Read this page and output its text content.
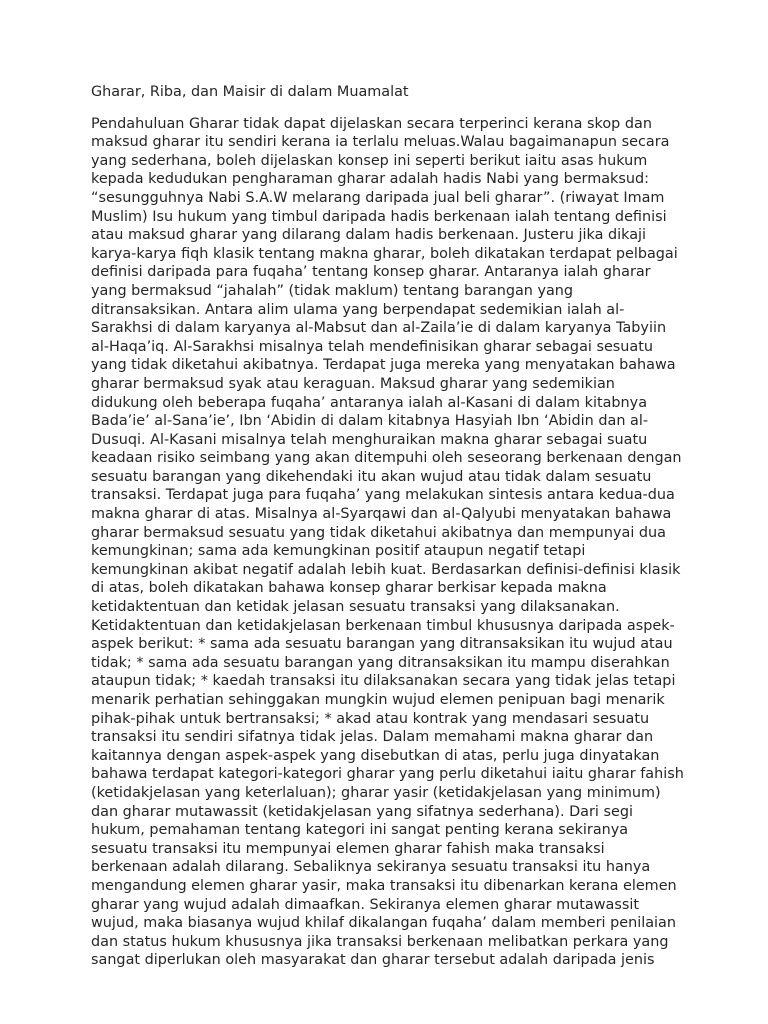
Gharar, Riba, dan Maisir di dalam Muamalat
Pendahuluan Gharar tidak dapat dijelaskan secara terperinci kerana skop dan
maksud gharar itu sendiri kerana ia terlalu meluas.Walau bagaimanapun secara
yang sederhana, boleh dijelaskan konsep ini seperti berikut iaitu asas hukum
kepada kedudukan pengharaman gharar adalah hadis Nabi yang bermaksud:
“sesungguhnya Nabi S.A.W melarang daripada jual beli gharar”. (riwayat Imam
Muslim) Isu hukum yang timbul daripada hadis berkenaan ialah tentang definisi
atau maksud gharar yang dilarang dalam hadis berkenaan. Justeru jika dikaji
karya-karya fiqh klasik tentang makna gharar, boleh dikatakan terdapat pelbagai
definisi daripada para fuqaha’ tentang konsep gharar. Antaranya ialah gharar
yang bermaksud “jahalah” (tidak maklum) tentang barangan yang
ditransaksikan. Antara alim ulama yang berpendapat sedemikian ialah al-
Sarakhsi di dalam karyanya al-Mabsut dan al-Zaila’ie di dalam karyanya Tabyiin
al-Haqa’iq. Al-Sarakhsi misalnya telah mendefinisikan gharar sebagai sesuatu
yang tidak diketahui akibatnya. Terdapat juga mereka yang menyatakan bahawa
gharar bermaksud syak atau keraguan. Maksud gharar yang sedemikian
didukung oleh beberapa fuqaha’ antaranya ialah al-Kasani di dalam kitabnya
Bada’ie’ al-Sana’ie’, Ibn ‘Abidin di dalam kitabnya Hasyiah Ibn ‘Abidin dan al-
Dusuqi. Al-Kasani misalnya telah menghuraikan makna gharar sebagai suatu
keadaan risiko seimbang yang akan ditempuhi oleh seseorang berkenaan dengan
sesuatu barangan yang dikehendaki itu akan wujud atau tidak dalam sesuatu
transaksi. Terdapat juga para fuqaha’ yang melakukan sintesis antara kedua-dua
makna gharar di atas. Misalnya al-Syarqawi dan al-Qalyubi menyatakan bahawa
gharar bermaksud sesuatu yang tidak diketahui akibatnya dan mempunyai dua
kemungkinan; sama ada kemungkinan positif ataupun negatif tetapi
kemungkinan akibat negatif adalah lebih kuat. Berdasarkan definisi-definisi klasik
di atas, boleh dikatakan bahawa konsep gharar berkisar kepada makna
ketidaktentuan dan ketidak jelasan sesuatu transaksi yang dilaksanakan.
Ketidaktentuan dan ketidakjelasan berkenaan timbul khususnya daripada aspek-
aspek berikut: * sama ada sesuatu barangan yang ditransaksikan itu wujud atau
tidak; * sama ada sesuatu barangan yang ditransaksikan itu mampu diserahkan
ataupun tidak; * kaedah transaksi itu dilaksanakan secara yang tidak jelas tetapi
menarik perhatian sehinggakan mungkin wujud elemen penipuan bagi menarik
pihak-pihak untuk bertransaksi; * akad atau kontrak yang mendasari sesuatu
transaksi itu sendiri sifatnya tidak jelas. Dalam memahami makna gharar dan
kaitannya dengan aspek-aspek yang disebutkan di atas, perlu juga dinyatakan
bahawa terdapat kategori-kategori gharar yang perlu diketahui iaitu gharar fahish
(ketidakjelasan yang keterlaluan); gharar yasir (ketidakjelasan yang minimum)
dan gharar mutawassit (ketidakjelasan yang sifatnya sederhana). Dari segi
hukum, pemahaman tentang kategori ini sangat penting kerana sekiranya
sesuatu transaksi itu mempunyai elemen gharar fahish maka transaksi
berkenaan adalah dilarang. Sebaliknya sekiranya sesuatu transaksi itu hanya
mengandung elemen gharar yasir, maka transaksi itu dibenarkan kerana elemen
gharar yang wujud adalah dimaafkan. Sekiranya elemen gharar mutawassit
wujud, maka biasanya wujud khilaf dikalangan fuqaha’ dalam memberi penilaian
dan status hukum khususnya jika transaksi berkenaan melibatkan perkara yang
sangat diperlukan oleh masyarakat dan gharar tersebut adalah daripada jenis
